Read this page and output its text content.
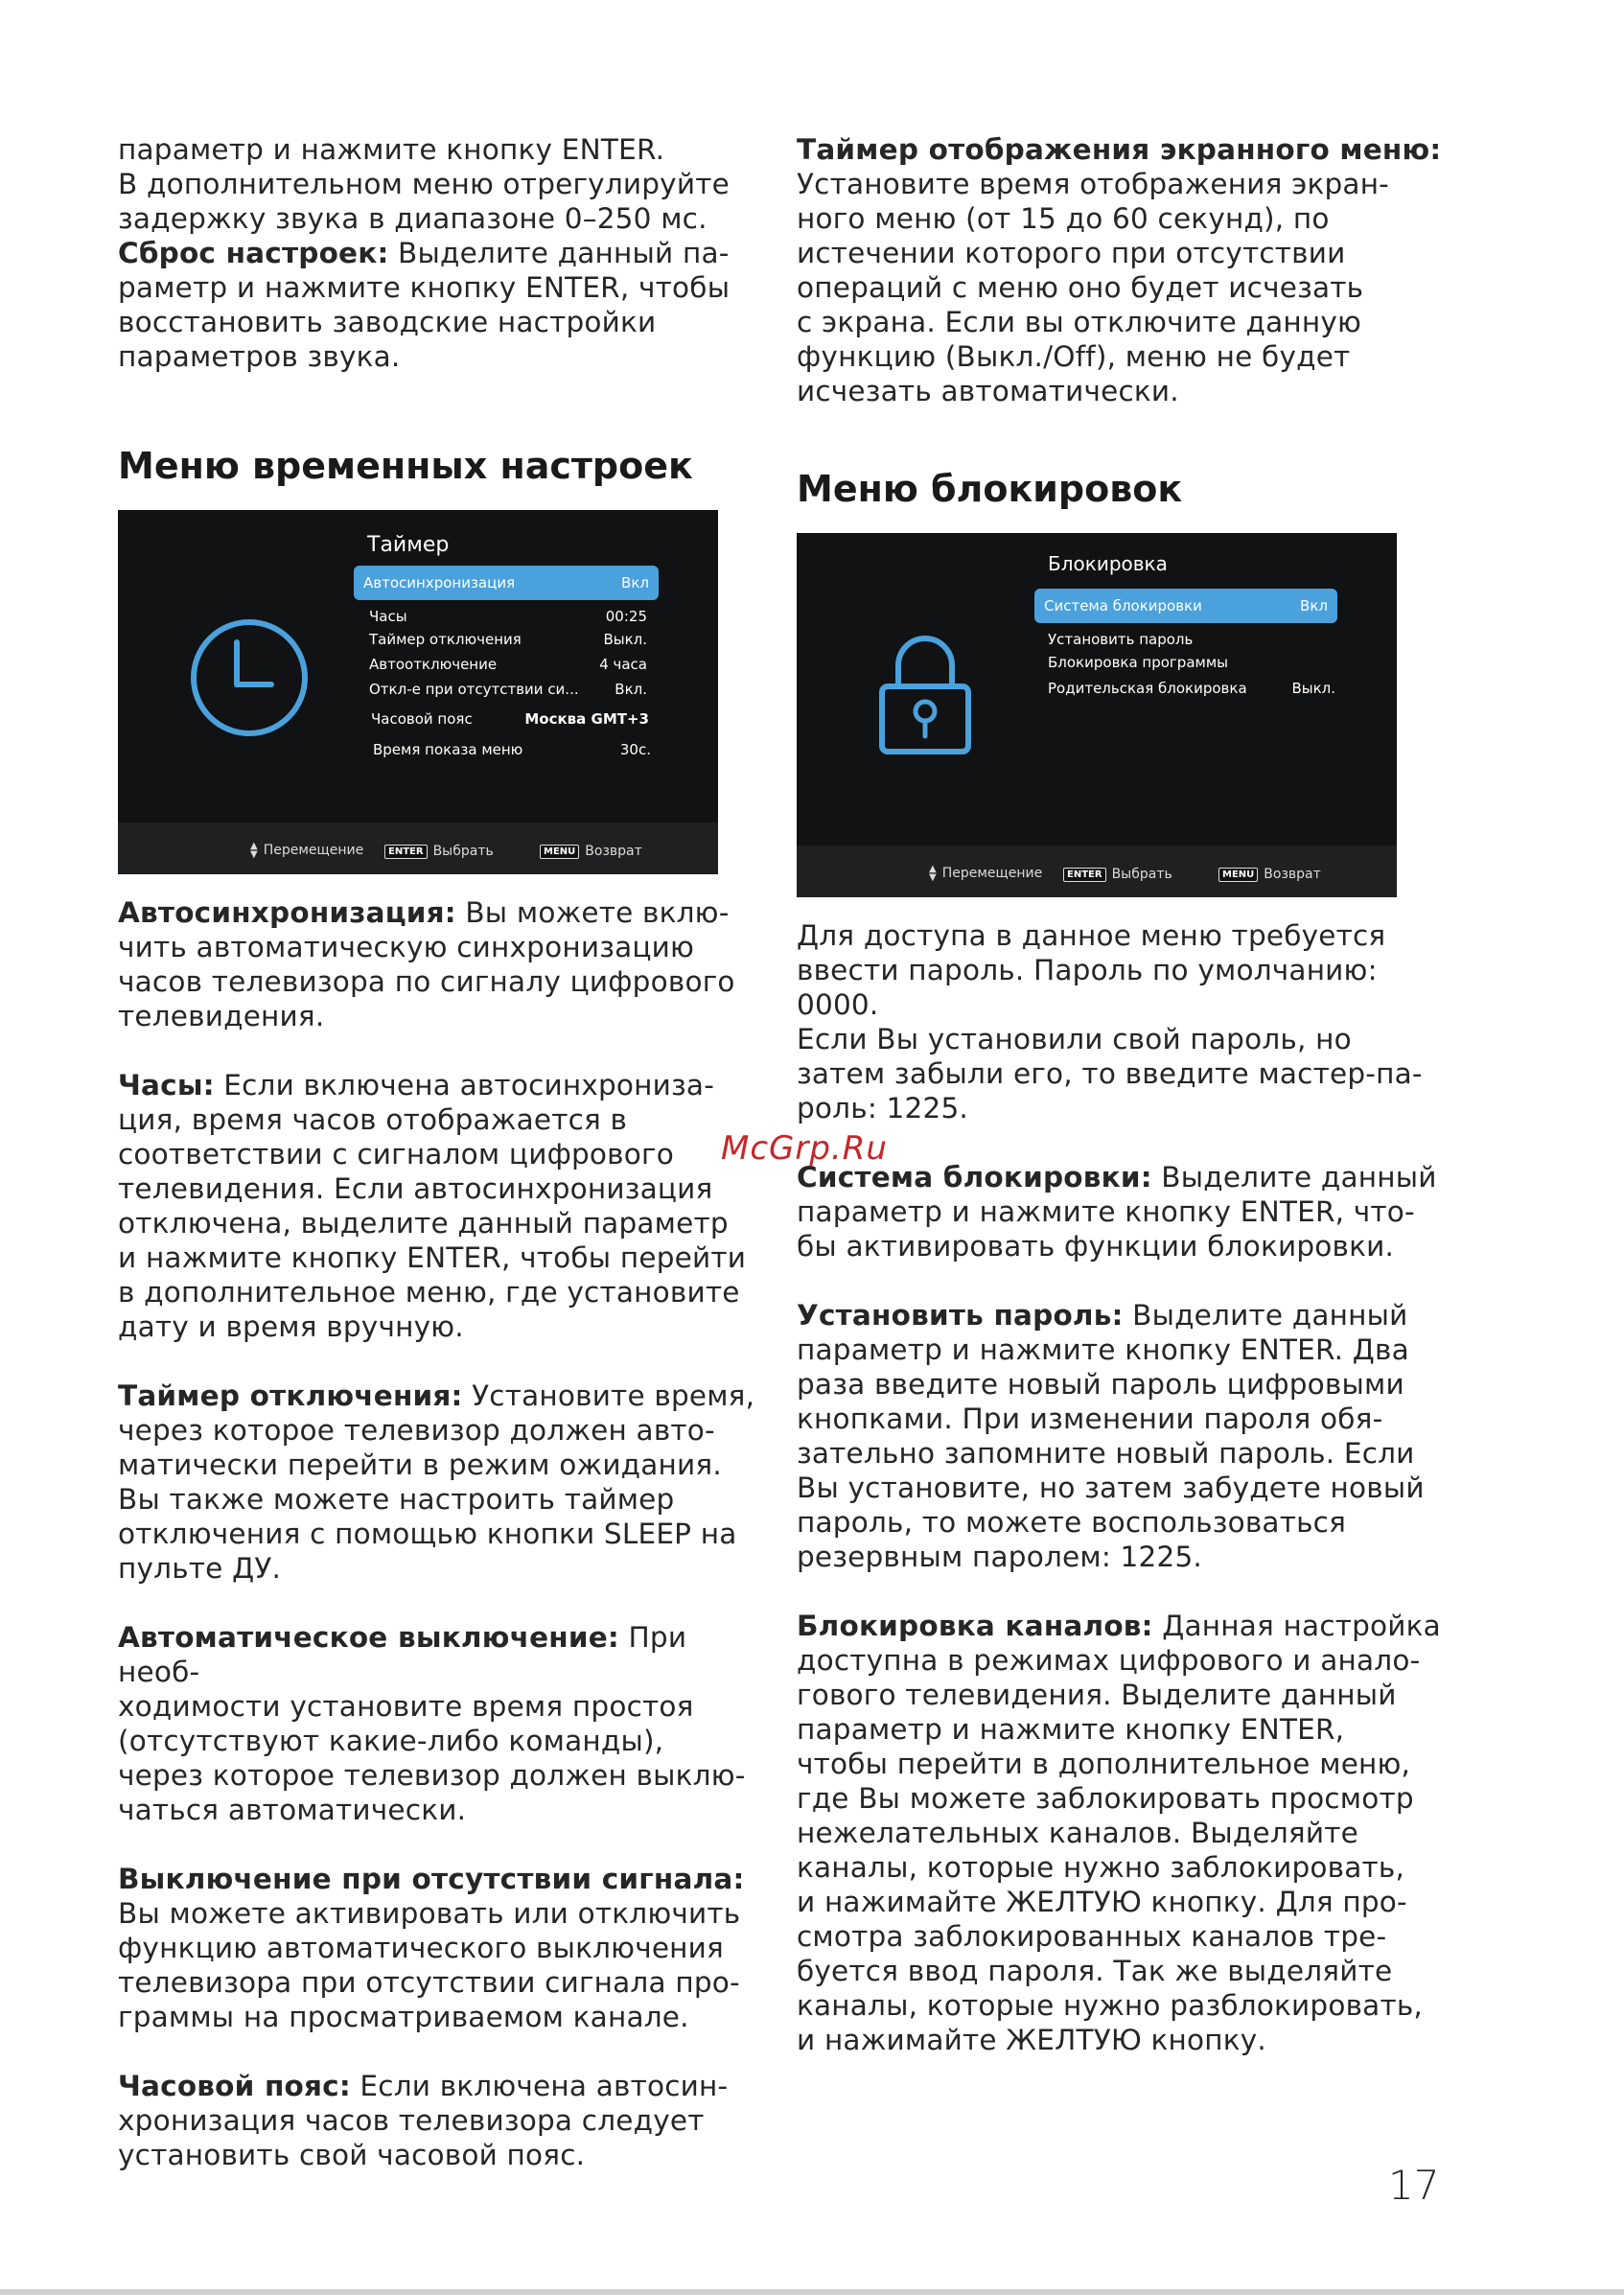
параметр и нажмите кнопку ENTER.
В дополнительном меню отрегулируйте
задержку звука в диапазоне 0–250 мс.

Сброс настроек: Выделите данный па-
раметр и нажмите кнопку ENTER, чтобы
восстановить заводские настройки
параметров звука.

Меню временных настроек
Таймер
Автосинхронизация	Вкл
Часы	00:25
Таймер отключения	Выкл.
Автоотключение	4 часа
Откл-е при отсутствии си...	Вкл.
Часовой пояс	Москва GMT+3
Время показа меню	30с.
▲
▼ Перемещение	ENTER Выбрать	MENU Возврат

Автосинхронизация: Вы можете вклю-
чить автоматическую синхронизацию
часов телевизора по сигналу цифрового
телевидения.

Часы: Если включена автосинхрониза-
ция, время часов отображается в
соответствии с сигналом цифрового
телевидения. Если автосинхронизация
отключена, выделите данный параметр
и нажмите кнопку ENTER, чтобы перейти
в дополнительное меню, где установите
дату и время вручную.

Таймер отключения: Установите время,
через которое телевизор должен авто-
матически перейти в режим ожидания.
Вы также можете настроить таймер
отключения с помощью кнопки SLEEP на
пульте ДУ.

Автоматическое выключение: При необ-
ходимости установите время простоя
(отсутствуют какие-либо команды),
через которое телевизор должен выклю-
чаться автоматически.

Выключение при отсутствии сигнала:
Вы можете активировать или отключить
функцию автоматического выключения
телевизора при отсутствии сигнала про-
граммы на просматриваемом канале.

Часовой пояс: Если включена автосин-
хронизация часов телевизора следует
установить свой часовой пояс.

Таймер отображения экранного меню:
Установите время отображения экран-
ного меню (от 15 до 60 секунд), по
истечении которого при отсутствии
операций с меню оно будет исчезать
с экрана. Если вы отключите данную
функцию (Выкл./Off), меню не будет
исчезать автоматически.

Меню блокировок
Блокировка
Система блокировки	Вкл
Установить пароль
Блокировка программы
Родительская блокировка	Выкл.
▲
▼ Перемещение	ENTER Выбрать	MENU Возврат

Для доступа в данное меню требуется
ввести пароль. Пароль по умолчанию:
0000.
Если Вы установили свой пароль, но
затем забыли его, то введите мастер-па-
роль: 1225.

Система блокировки: Выделите данный
параметр и нажмите кнопку ENTER, что-
бы активировать функции блокировки.

Установить пароль: Выделите данный
параметр и нажмите кнопку ENTER. Два
раза введите новый пароль цифровыми
кнопками. При изменении пароля обя-
зательно запомните новый пароль. Если
Вы установите, но затем забудете новый
пароль, то можете воспользоваться
резервным паролем: 1225.

Блокировка каналов: Данная настройка
доступна в режимах цифрового и анало-
гового телевидения. Выделите данный
параметр и нажмите кнопку ENTER,
чтобы перейти в дополнительное меню,
где Вы можете заблокировать просмотр
нежелательных каналов. Выделяйте
каналы, которые нужно заблокировать,
и нажимайте ЖЕЛТУЮ кнопку. Для про-
смотра заблокированных каналов тре-
буется ввод пароля. Так же выделяйте
каналы, которые нужно разблокировать,
и нажимайте ЖЕЛТУЮ кнопку.

McGrp.Ru
17
